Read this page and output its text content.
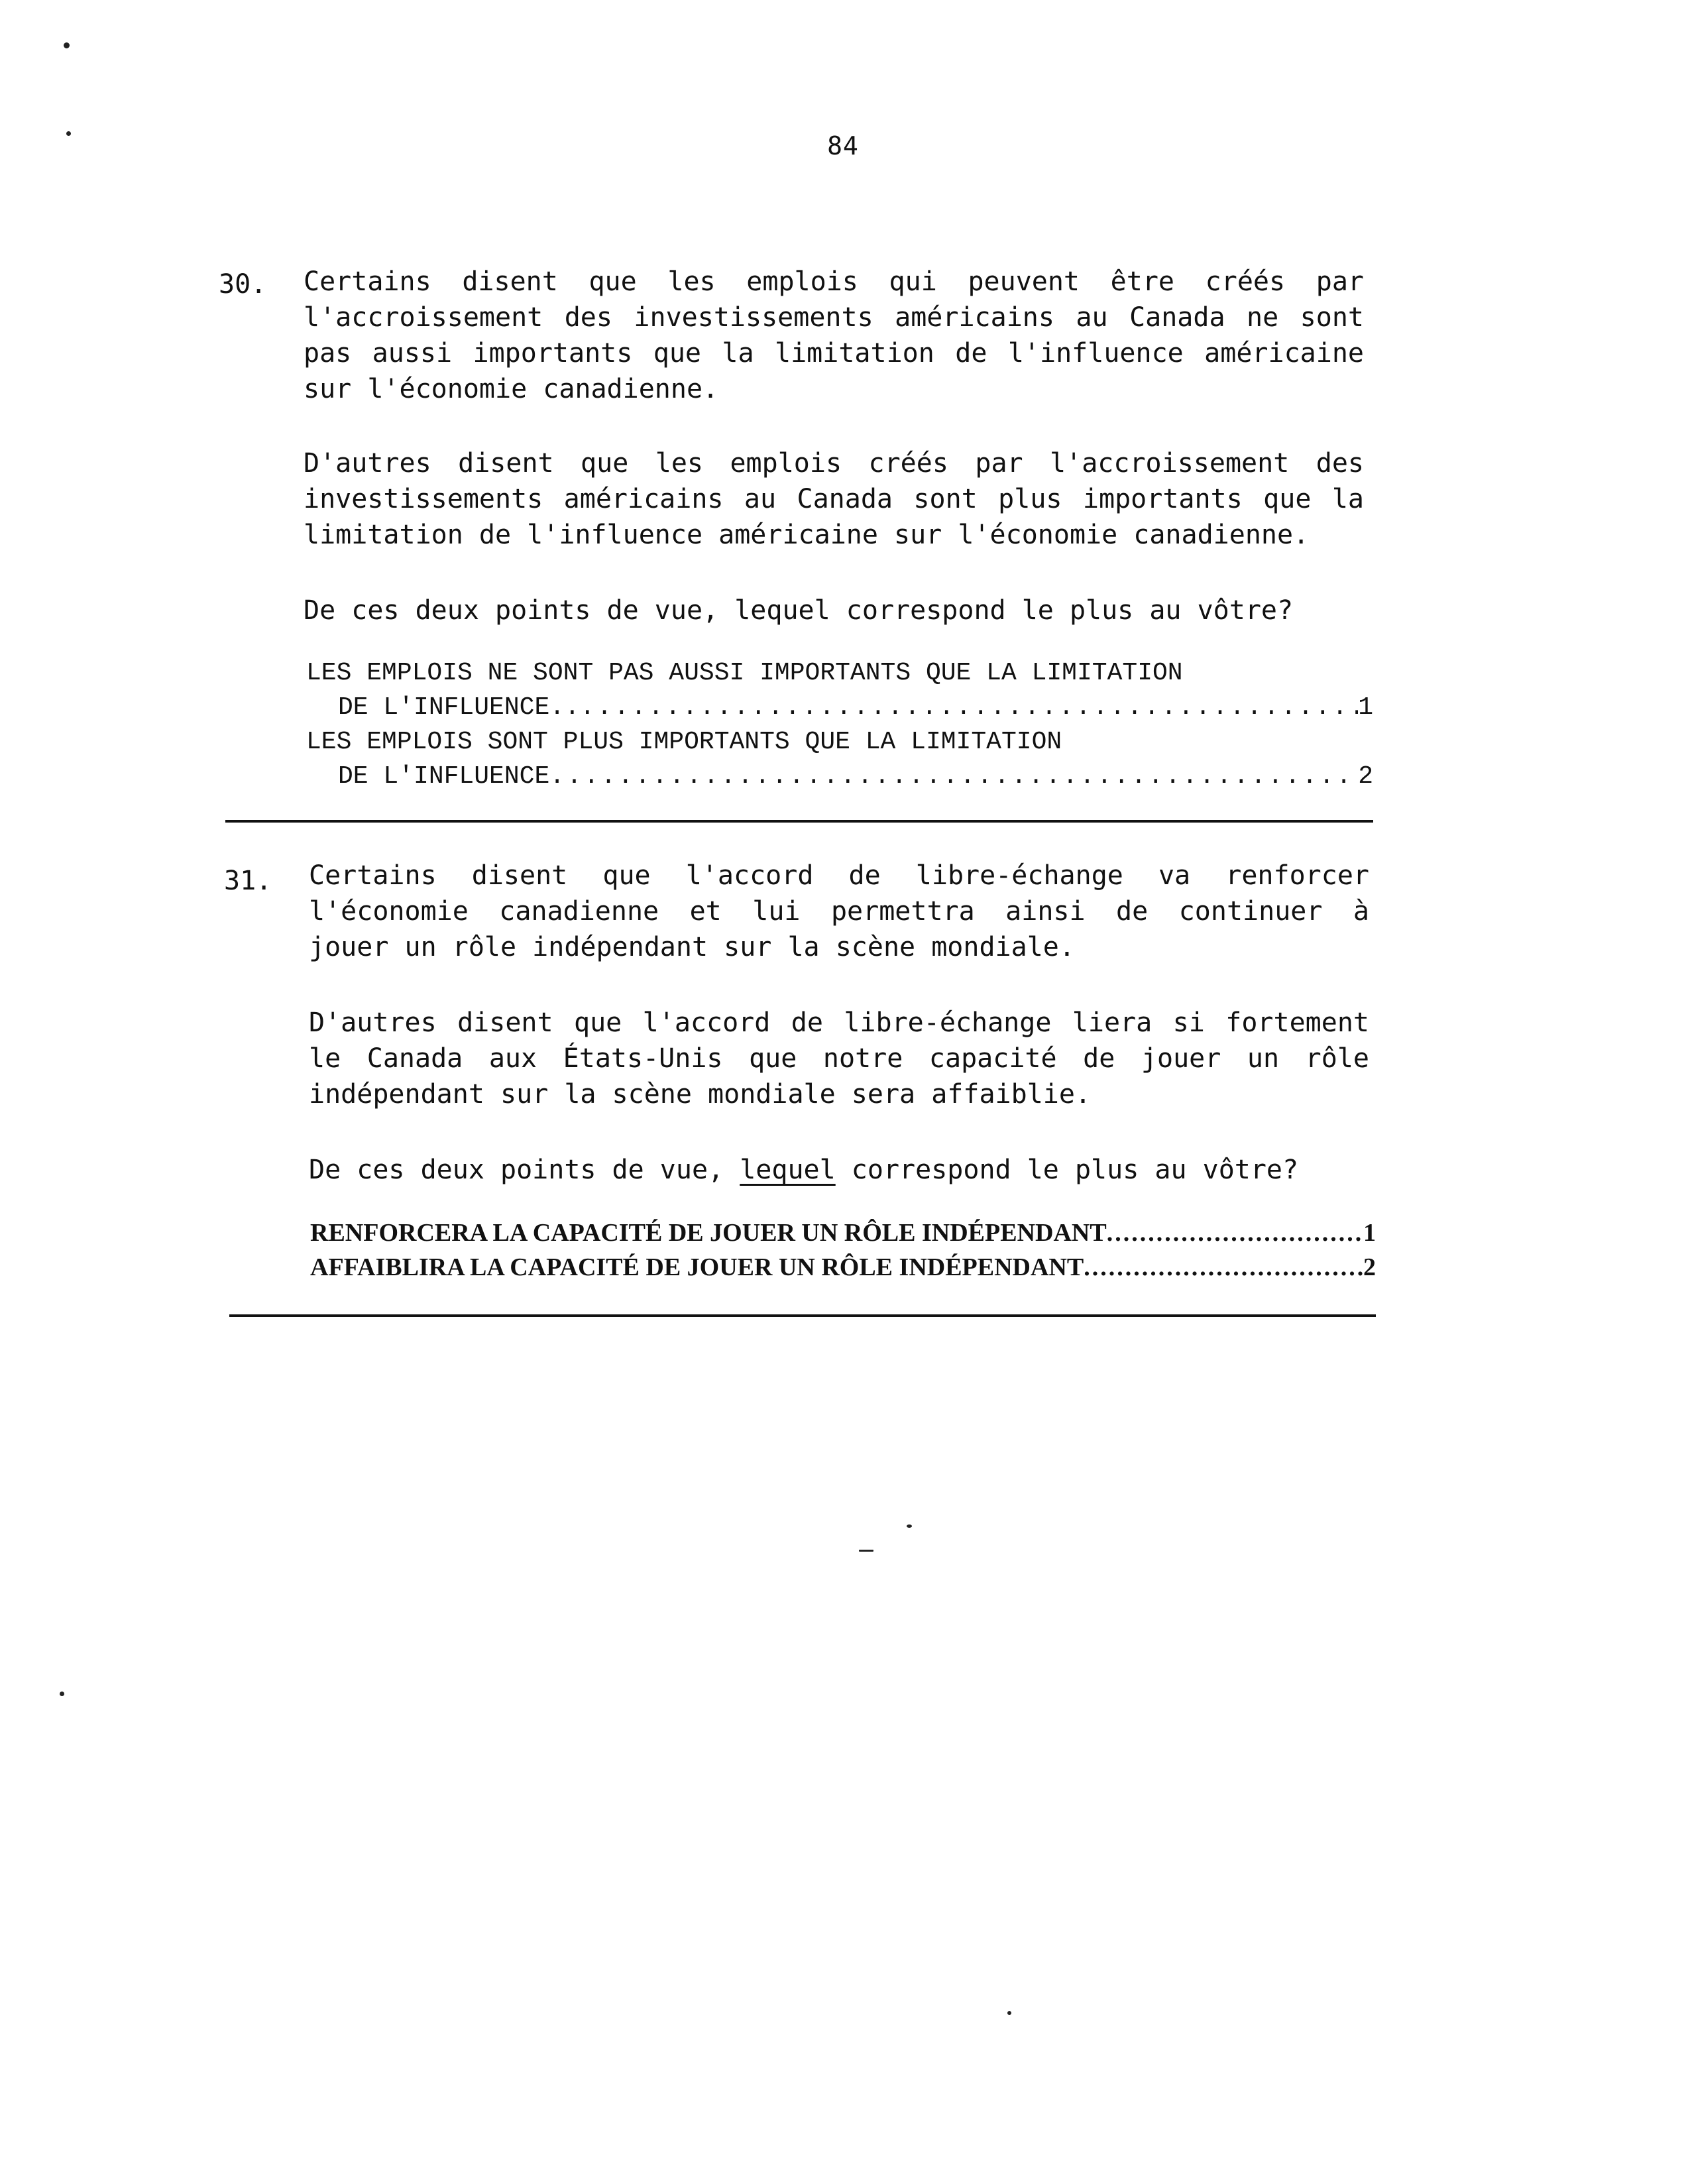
84
30. Certains disent que les emplois qui peuvent être créés par
l'accroissement des investissements américains au Canada ne sont
pas aussi importants que la limitation de l'influence américaine
sur l'économie canadienne.
D'autres disent que les emplois créés par l'accroissement des
investissements américains au Canada sont plus importants que la
limitation de l'influence américaine sur l'économie canadienne.
De ces deux points de vue, lequel correspond le plus au vôtre?
LES EMPLOIS NE SONT PAS AUSSI IMPORTANTS QUE LA LIMITATION
DE L'INFLUENCE.. .....	1
LES EMPLOIS SONT PLUS IMPORTANTS QUE LA LIMITATION
DE L'INFLUENCE .....	2
31. Certains disent que l'accord de libre-échange va renforcer
l'économie canadienne et lui permettra ainsi de continuer à
jouer un rôle indépendant sur la scène mondiale.
D'autres disent que l'accord de libre-échange liera si fortement
le Canada aux États-Unis que notre capacité de jouer un rôle
indépendant sur la scène mondiale sera affaiblie.
De ces deux points de vue, lequel correspond le plus au vôtre?
RENFORCERA LA CAPACITÉ DE JOUER UN RÔLE INDÉPENDANT .....	1
AFFAIBLIRA LA CAPACITÉ DE JOUER UN RÔLE INDÉPENDANT .....	2
